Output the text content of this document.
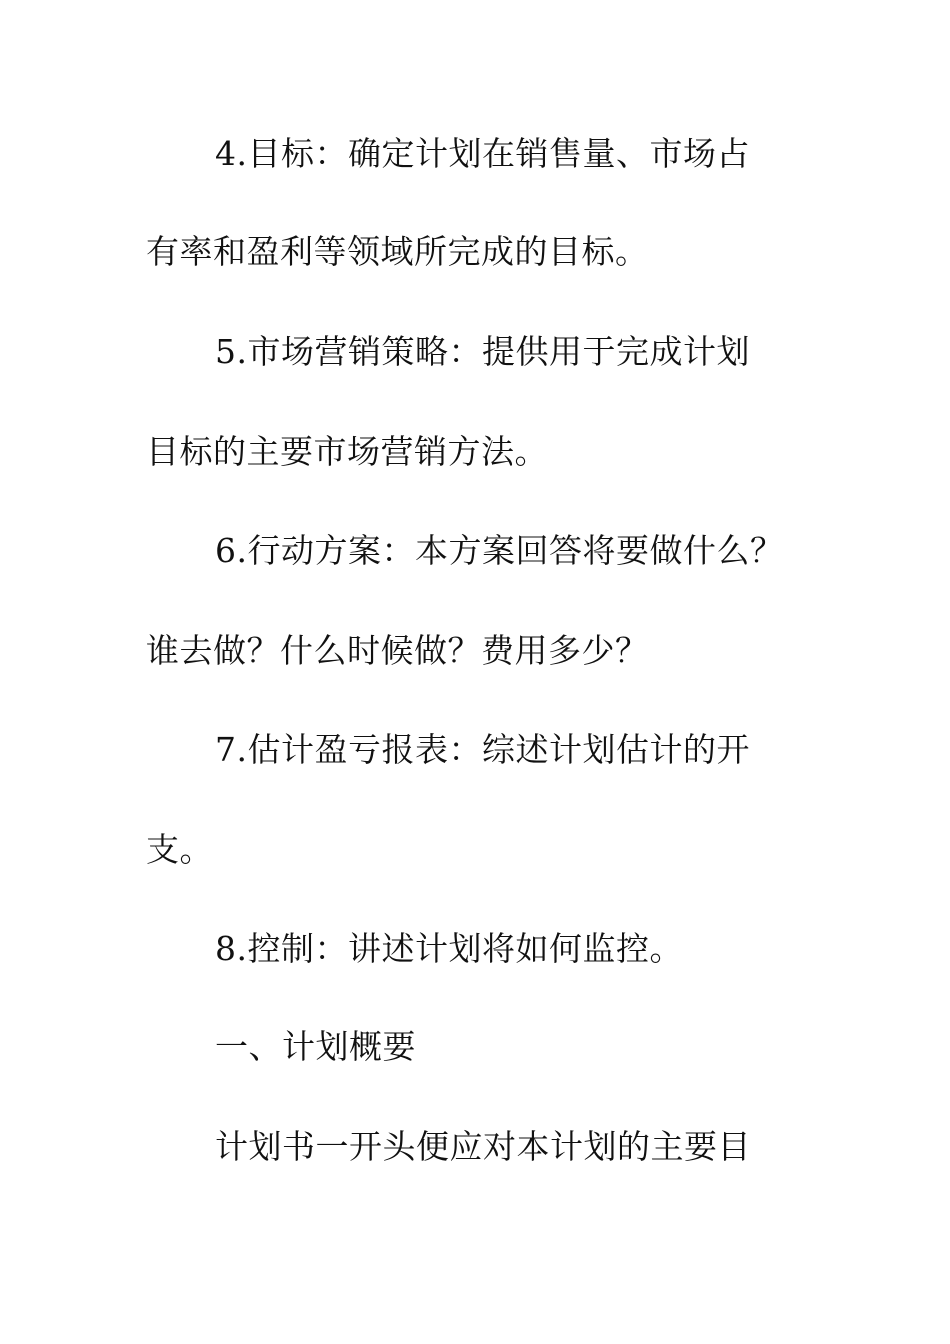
4.目标：确定计划在销售量、市场占
有率和盈利等领域所完成的目标。
5.市场营销策略：提供用于完成计划
目标的主要市场营销方法。
6.行动方案：本方案回答将要做什么？
谁去做？什么时候做？费用多少？
7.估计盈亏报表：综述计划估计的开
支。
8.控制：讲述计划将如何监控。
一、计划概要
计划书一开头便应对本计划的主要目
